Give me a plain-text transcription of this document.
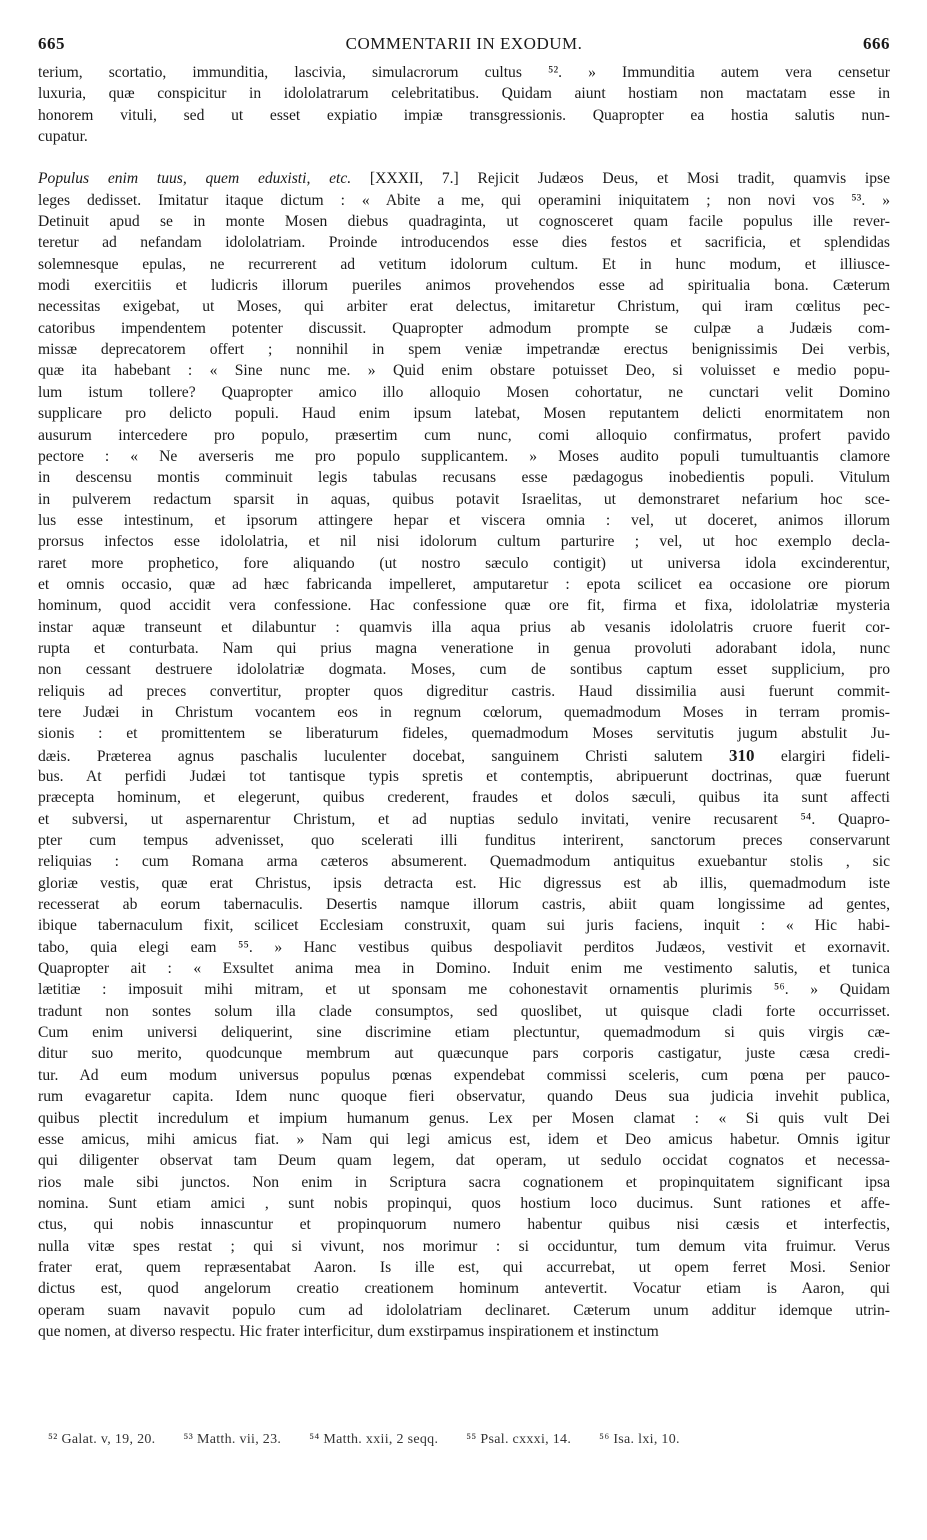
665	COMMENTARII IN EXODUM.	666
terium, scortatio, immunditia, lascivia, simulacrorum cultus ⁵². » Immunditia autem vera censetur
luxuria, quæ conspicitur in idololatrarum celebritatibus. Quidam aiunt hostiam non mactatam esse in
honorem vituli, sed ut esset expiatio impiæ transgressionis. Quapropter ea hostia salutis nun-
cupatur.
Populus enim tuus, quem eduxisti, etc. [XXXII, 7.] Rejicit Judæos Deus, et Mosi tradit, quamvis ipse
leges dedisset. Imitatur itaque dictum : « Abite a me, qui operamini iniquitatem ; non novi vos ⁵³. »
Detinuit apud se in monte Mosen diebus quadraginta, ut cognosceret quam facile populus ille rever-
teretur ad nefandam idololatriam. Proinde introducendos esse dies festos et sacrificia, et splendidas
solemnesque epulas, ne recurrerent ad vetitum idolorum cultum. Et in hunc modum, et illiusce-
modi exercitiis et ludicris illorum pueriles animos provehendos esse ad spiritualia bona. Cæterum
necessitas exigebat, ut Moses, qui arbiter erat delectus, imitaretur Christum, qui iram cœlitus pec-
catoribus impendentem potenter discussit. Quapropter admodum prompte se culpæ a Judæis com-
missæ deprecatorem offert ; nonnihil in spem veniæ impetrandæ erectus benignissimis Dei verbis,
quæ ita habebant : « Sine nunc me. » Quid enim obstare potuisset Deo, si voluisset e medio popu-
lum istum tollere? Quapropter amico illo alloquio Mosen cohortatur, ne cunctari velit Domino
supplicare pro delicto populi. Haud enim ipsum latebat, Mosen reputantem delicti enormitatem non
ausurum intercedere pro populo, præsertim cum nunc, comi alloquio confirmatus, profert pavido
pectore : « Ne averseris me pro populo supplicantem. » Moses audito populi tumultuantis clamore
in descensu montis comminuit legis tabulas recusans esse pædagogus inobedientis populi. Vitulum
in pulverem redactum sparsit in aquas, quibus potavit Israelitas, ut demonstraret nefarium hoc sce-
lus esse intestinum, et ipsorum attingere hepar et viscera omnia : vel, ut doceret, animos illorum
prorsus infectos esse idololatria, et nil nisi idolorum cultum parturire ; vel, ut hoc exemplo decla-
raret more prophetico, fore aliquando (ut nostro sæculo contigit) ut universa idola excinderentur,
et omnis occasio, quæ ad hæc fabricanda impelleret, amputaretur : epota scilicet ea occasione ore piorum
hominum, quod accidit vera confessione. Hac confessione quæ ore fit, firma et fixa, idololatriæ mysteria
instar aquæ transeunt et dilabuntur : quamvis illa aqua prius ab vesanis idololatris cruore fuerit cor-
rupta et conturbata. Nam qui prius magna veneratione in genua provoluti adorabant idola, nunc
non cessant destruere idololatriæ dogmata. Moses, cum de sontibus captum esset supplicium, pro
reliquis ad preces convertitur, propter quos digreditur castris. Haud dissimilia ausi fuerunt commit-
tere Judæi in Christum vocantem eos in regnum cœlorum, quemadmodum Moses in terram promis-
sionis : et promittentem se liberaturum fideles, quemadmodum Moses servitutis jugum abstulit Ju-
dæis. Præterea agnus paschalis luculenter docebat, sanguinem Christi salutem 310 elargiri fideli-
bus. At perfidi Judæi tot tantisque typis spretis et contemptis, abripuerunt doctrinas, quæ fuerunt
præcepta hominum, et elegerunt, quibus crederent, fraudes et dolos sæculi, quibus ita sunt affecti
et subversi, ut aspernarentur Christum, et ad nuptias sedulo invitati, venire recusarent ⁵⁴. Quapro-
pter cum tempus advenisset, quo scelerati illi funditus interirent, sanctorum preces conservarunt
reliquias : cum Romana arma cæteros absumerent. Quemadmodum antiquitus exuebantur stolis , sic
gloriæ vestis, quæ erat Christus, ipsis detracta est. Hic digressus est ab illis, quemadmodum iste
recesserat ab eorum tabernaculis. Desertis namque illorum castris, abiit quam longissime ad gentes,
ibique tabernaculum fixit, scilicet Ecclesiam construxit, quam sui juris faciens, inquit : « Hic habi-
tabo, quia elegi eam ⁵⁵. » Hanc vestibus quibus despoliavit perditos Judæos, vestivit et exornavit.
Quapropter ait : « Exsultet anima mea in Domino. Induit enim me vestimento salutis, et tunica
lætitiæ : imposuit mihi mitram, et ut sponsam me cohonestavit ornamentis plurimis ⁵⁶. » Quidam
tradunt non sontes solum illa clade consumptos, sed quoslibet, ut quisque cladi forte occurrisset.
Cum enim universi deliquerint, sine discrimine etiam plectuntur, quemadmodum si quis virgis cæ-
ditur suo merito, quodcunque membrum aut quæcunque pars corporis castigatur, juste cæsa credi-
tur. Ad eum modum universus populus pœnas expendebat commissi sceleris, cum pœna per pauco-
rum evagaretur capita. Idem nunc quoque fieri observatur, quando Deus sua judicia invehit publica,
quibus plectit incredulum et impium humanum genus. Lex per Mosen clamat : « Si quis vult Dei
esse amicus, mihi amicus fiat. » Nam qui legi amicus est, idem et Deo amicus habetur. Omnis igitur
qui diligenter observat tam Deum quam legem, dat operam, ut sedulo occidat cognatos et necessa-
rios male sibi junctos. Non enim in Scriptura sacra cognationem et propinquitatem significant ipsa
nomina. Sunt etiam amici , sunt nobis propinqui, quos hostium loco ducimus. Sunt rationes et affe-
ctus, qui nobis innascuntur et propinquorum numero habentur quibus nisi cæsis et interfectis,
nulla vitæ spes restat ; qui si vivunt, nos morimur : si occiduntur, tum demum vita fruimur. Verus
frater erat, quem repræsentabat Aaron. Is ille est, qui accurrebat, ut opem ferret Mosi. Senior
dictus est, quod angelorum creatio creationem hominum antevertit. Vocatur etiam is Aaron, qui
operam suam navavit populo cum ad idololatriam declinaret. Cæterum unum additur idemque utrin-
que nomen, at diverso respectu. Hic frater interficitur, dum exstirpamus inspirationem et instinctum
⁵² Galat. v, 19, 20. ⁵³ Matth. vii, 23. ⁵⁴ Matth. xxii, 2 seqq. ⁵⁵ Psal. cxxxi, 14. ⁵⁶ Isa. lxi, 10.
